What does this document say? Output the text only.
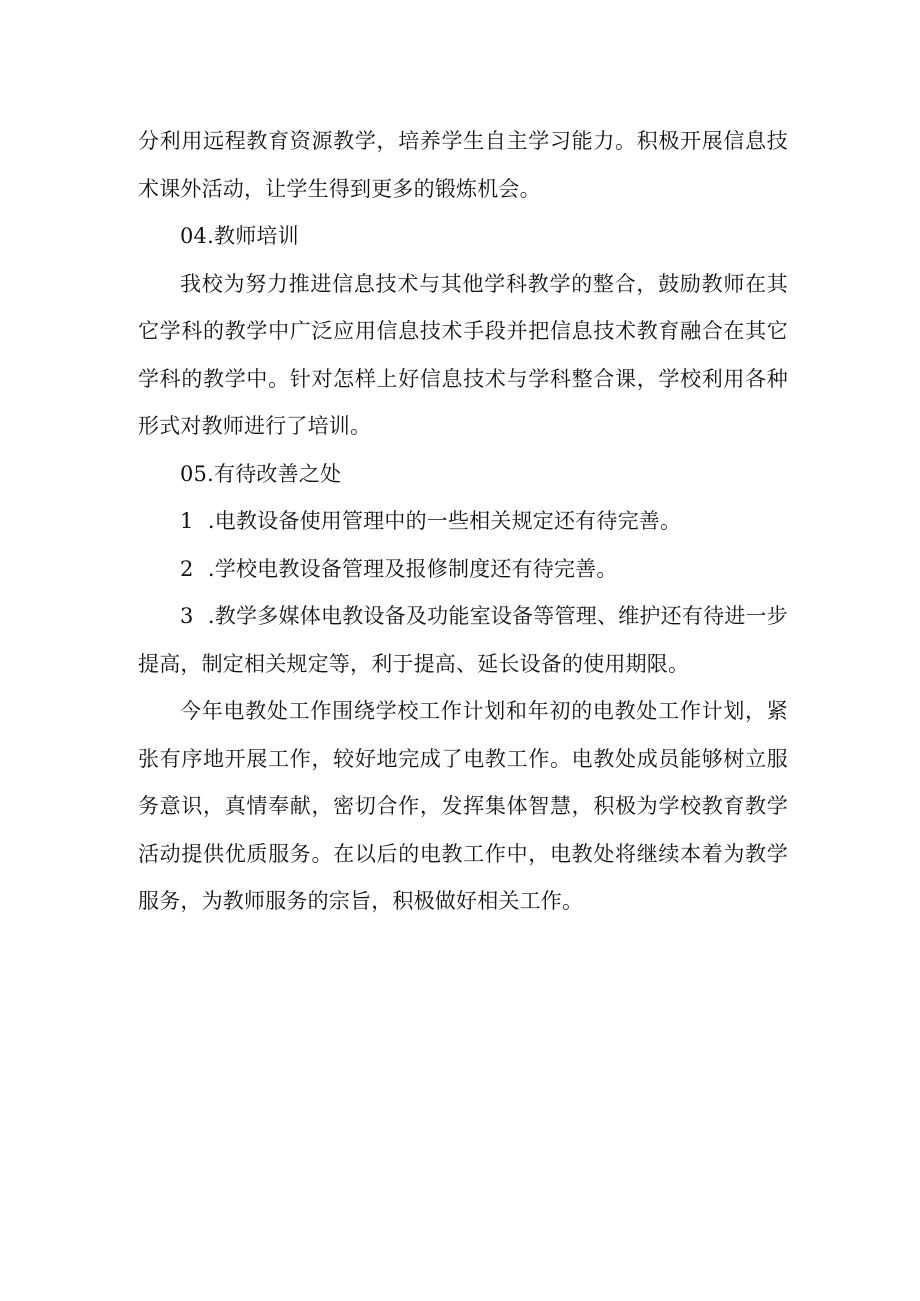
分利用远程教育资源教学，培养学生自主学习能力。积极开展信息技术课外活动，让学生得到更多的锻炼机会。

04.教师培训

我校为努力推进信息技术与其他学科教学的整合，鼓励教师在其它学科的教学中广泛应用信息技术手段并把信息技术教育融合在其它学科的教学中。针对怎样上好信息技术与学科整合课，学校利用各种形式对教师进行了培训。

05.有待改善之处

1 .电教设备使用管理中的一些相关规定还有待完善。

2 .学校电教设备管理及报修制度还有待完善。

3 .教学多媒体电教设备及功能室设备等管理、维护还有待进一步提高，制定相关规定等，利于提高、延长设备的使用期限。

今年电教处工作围绕学校工作计划和年初的电教处工作计划，紧张有序地开展工作，较好地完成了电教工作。电教处成员能够树立服务意识，真情奉献，密切合作，发挥集体智慧，积极为学校教育教学活动提供优质服务。在以后的电教工作中，电教处将继续本着为教学服务，为教师服务的宗旨，积极做好相关工作。
